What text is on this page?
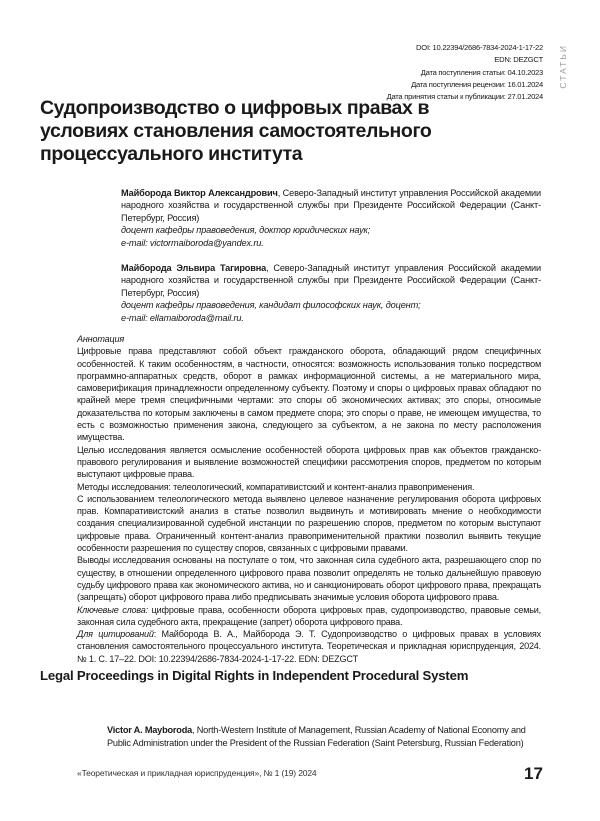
DOI: 10.22394/2686-7834-2024-1-17-22
EDN: DEZGCT
Дата поступления статьи: 04.10.2023
Дата поступления рецензии: 16.01.2024
Дата принятия статьи к публикации: 27.01.2024
СТАТЬИ
Судопроизводство о цифровых правах в условиях становления самостоятельного процессуального института

Майборода Виктор Александрович, Северо-Западный институт управления Российской академии народного хозяйства и государственной службы при Президенте Российской Федерации (Санкт-Петербург, Россия)

доцент кафедры правоведения, доктор юридических наук;

e-mail: victormaiboroda@yandex.ru.

Майборода Эльвира Тагировна, Северо-Западный институт управления Российской академии народного хозяйства и государственной службы при Президенте Российской Федерации (Санкт-Петербург, Россия)

доцент кафедры правоведения, кандидат философских наук, доцент;

e-mail: ellamaiboroda@mail.ru.

Аннотация

Цифровые права представляют собой объект гражданского оборота, обладающий рядом специфичных особенностей. К таким особенностям, в частности, относятся: возможность использования только посредством программно-аппаратных средств, оборот в рамках информационной системы, а не материального мира, самоверификация принадлежности определенному субъекту. Поэтому и споры о цифровых правах обладают по крайней мере тремя специфичными чертами: это споры об экономических активах; это споры, относимые доказательства по которым заключены в самом предмете спора; это споры о праве, не имеющем имущества, то есть с возможностью применения закона, следующего за субъектом, а не закона по месту расположения имущества.

Целью исследования является осмысление особенностей оборота цифровых прав как объектов гражданско-правового регулирования и выявление возможностей специфики рассмотрения споров, предметом по которым выступают цифровые права.

Методы исследования: телеологический, компаративистский и контент-анализ правоприменения.

С использованием телеологического метода выявлено целевое назначение регулирования оборота цифровых прав. Компаративистский анализ в статье позволил выдвинуть и мотивировать мнение о необходимости создания специализированной судебной инстанции по разрешению споров, предметом по которым выступают цифровые права. Ограниченный контент-анализ правоприменительной практики позволил выявить текущие особенности разрешения по существу споров, связанных с цифровыми правами.

Выводы исследования основаны на постулате о том, что законная сила судебного акта, разрешающего спор по существу, в отношении определенного цифрового права позволит определять не только дальнейшую правовую судьбу цифрового права как экономического актива, но и санкционировать оборот цифрового права, прекращать (запрещать) оборот цифрового права либо предписывать значимые условия оборота цифрового права.

Ключевые слова: цифровые права, особенности оборота цифровых прав, судопроизводство, правовые семьи, законная сила судебного акта, прекращение (запрет) оборота цифрового права.

Для цитирований: Майборода В. А., Майборода Э. Т. Судопроизводство о цифровых правах в условиях становления самостоятельного процессуального института. Теоретическая и прикладная юриспруденция, 2024. № 1. С. 17–22. DOI: 10.22394/2686-7834-2024-1-17-22. EDN: DEZGCT

Legal Proceedings in Digital Rights in Independent Procedural System
Victor A. Mayboroda, North-Western Institute of Management, Russian Academy of National Economy and Public Administration under the President of the Russian Federation (Saint Petersburg, Russian Federation)
«Теоретическая и прикладная юриспруденция», № 1 (19) 2024	17
